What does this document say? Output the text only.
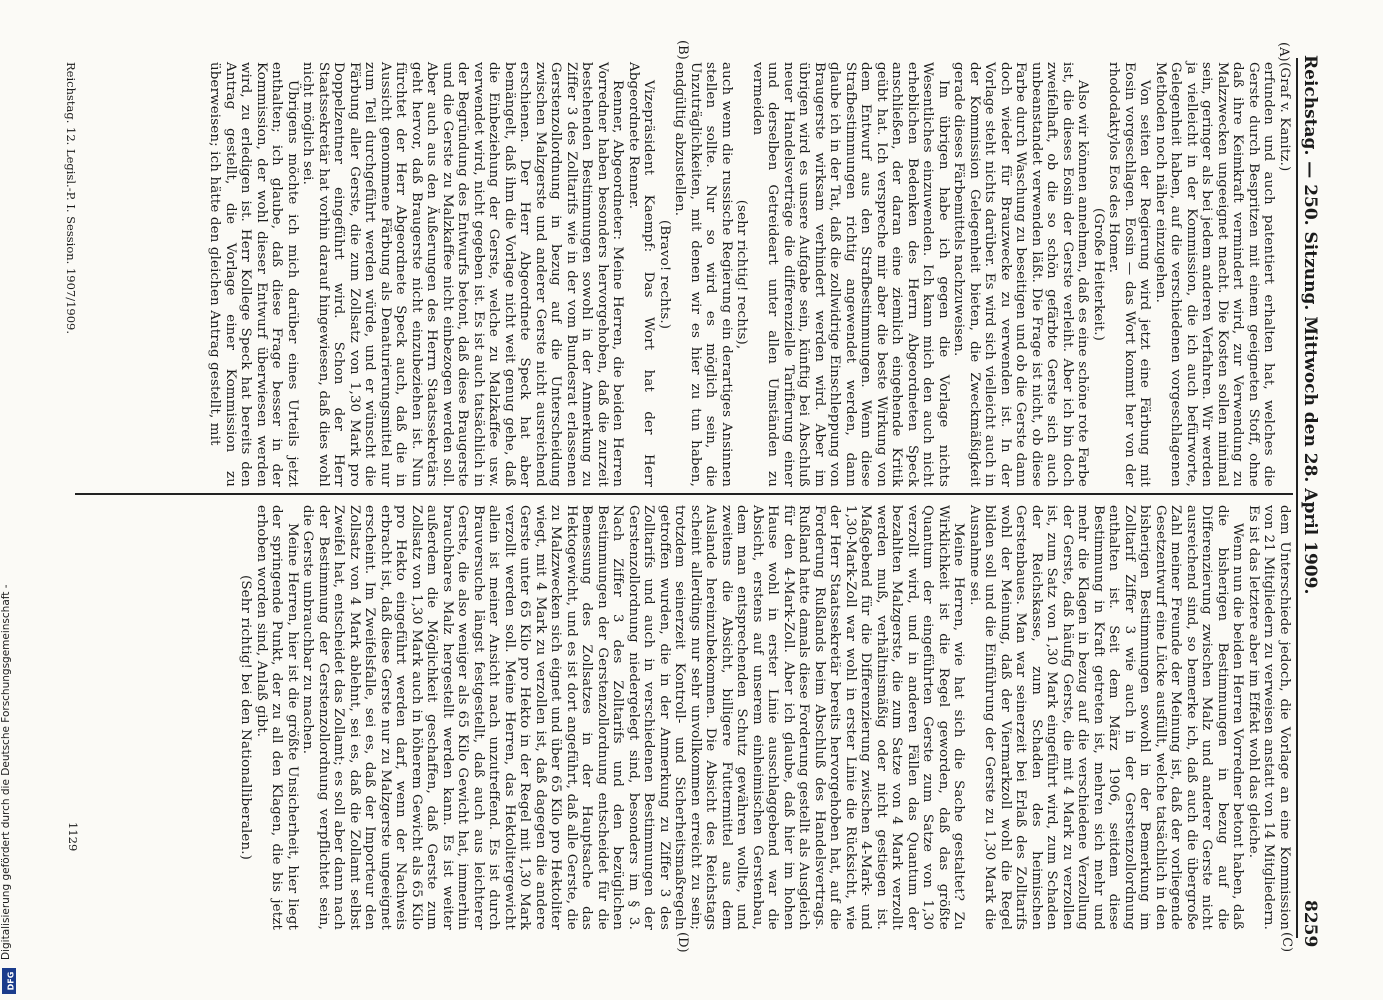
Reichstag. — 250. Sitzung. Mittwoch den 28. April 1909.
8259

(Graf v. Kanitz.)

erfunden und auch patentiert erhalten hat, welches die Gerste durch Bespritzen mit einem geeigneten Stoff, ohne daß ihre Keimkraft vermindert wird, zur Verwendung zu Malzzwecken ungeeignet macht. Die Kosten sollen minimal sein, geringer als bei jedem anderen Verfahren. Wir werden ja vielleicht in der Kommission, die ich auch befürworte, Gelegenheit haben, auf die verschiedenen vorgeschlagenen Methoden noch näher einzugehen.

Von seiten der Regierung wird jetzt eine Färbung mit Eosin vorgeschlagen. Eosin — das Wort kommt her von der rhododaktylos Eos des Homer.

(Große Heiterkeit.)

Also wir können annehmen, daß es eine schöne rote Farbe ist, die dieses Eosin der Gerste verleiht. Aber ich bin doch zweifelhaft, ob die so schön gefärbte Gerste sich auch unbeanstandet verwenden läßt. Die Frage ist nicht, ob diese Farbe durch Waschung zu beseitigen und ob die Gerste dann doch wieder für Brauzwecke zu verwenden ist. In der Vorlage steht nichts darüber. Es wird sich vielleicht auch in der Kommission Gelegenheit bieten, die Zweckmäßigkeit gerade dieses Färbemittels nachzuweisen.

Im übrigen habe ich gegen die Vorlage nichts Wesentliches einzuwenden. Ich kann mich den auch nicht erheblichen Bedenken des Herrn Abgeordneten Speck anschließen, der daran eine ziemlich eingehende Kritik geübt hat. Ich verspreche mir aber die beste Wirkung von dem Entwurf aus den Strafbestimmungen. Wenn diese Strafbestimmungen richtig angewendet werden, dann glaube ich in der Tat, daß die zollwidrige Einschleppung von Braugerste wirksam verhindert werden wird. Aber im übrigen wird es unsere Aufgabe sein, künftig bei Abschluß neuer Handelsverträge die differenzielle Tarifierung einer und derselben Getreideart unter allen Umständen zu vermeiden

(sehr richtig! rechts),

auch wenn die russische Regierung ein derartiges Ansinnen stellen sollte. Nur so wird es möglich sein, die Unzuträglichkeiten, mit denen wir es hier zu tun haben, endgültig abzustellen.

(Bravo! rechts.)

Vizepräsident Kaempf: Das Wort hat der Herr Abgeordnete Renner.

Renner, Abgeordneter: Meine Herren, die beiden Herren Vorredner haben besonders hervorgehoben, daß die zurzeit bestehenden Bestimmungen sowohl in der Anmerkung zu Ziffer 3 des Zolltarifs wie in der vom Bundesrat erlassenen Gerstenzollordnung in bezug auf die Unterscheidung zwischen Malzgerste und anderer Gerste nicht ausreichend erschienen. Der Herr Abgeordnete Speck hat aber bemängelt, daß ihm die Vorlage nicht weit genug gehe, daß die Einbeziehung der Gerste, welche zu Malzkaffee usw. verwendet wird, nicht gegeben ist. Es ist auch tatsächlich in der Begründung des Entwurfs betont, daß diese Braugerste und die Gerste zu Malzkaffee nicht einbezogen werden soll. Aber auch aus den Äußerungen des Herrn Staatssekretärs geht hervor, daß Braugerste nicht einzubeziehen ist. Nun fürchtet der Herr Abgeordnete Speck auch, daß die in Aussicht genommene Färbung als Denaturierungsmittel nur zum Teil durchgeführt werden würde, und er wünscht die Färbung aller Gerste, die zum Zollsatz von 1,30 Mark pro Doppelzentner eingeführt wird. Schon der Herr Staatssekretär hat vorhin darauf hingewiesen, daß dies wohl nicht möglich sei.

Übrigens möchte ich mich darüber eines Urteils jetzt enthalten; ich glaube, daß diese Frage besser in der Kommission, der wohl dieser Entwurf überwiesen werden wird, zu erledigen ist. Herr Kollege Speck hat bereits den Antrag gestellt, die Vorlage einer Kommission zu überweisen; ich hätte den gleichen Antrag gestellt, mit

dem Unterschiede jedoch, die Vorlage an eine Kommission von 21 Mitgliedern zu verweisen anstatt von 14 Mitgliedern. Es ist das letztere aber im Effekt wohl das gleiche.

Wenn nun die beiden Herren Vorredner betont haben, daß die bisherigen Bestimmungen in bezug auf die Differenzierung zwischen Malz und anderer Gerste nicht ausreichend sind, so bemerke ich, daß auch die übergroße Zahl meiner Freunde der Meinung ist, daß der vorliegende Gesetzentwurf eine Lücke ausfüllt, welche tatsächlich in den bisherigen Bestimmungen sowohl in der Bemerkung im Zolltarif Ziffer 3 wie auch in der Gerstenzollordnung enthalten ist. Seit dem März 1906, seitdem diese Bestimmung in Kraft getreten ist, mehren sich mehr und mehr die Klagen in bezug auf die verschiedene Verzollung der Gerste, daß häufig Gerste, die mit 4 Mark zu verzollen ist, zum Satz von 1,30 Mark eingeführt wird, zum Schaden der Reichskasse, zum Schaden des heimischen Gerstenbaues. Man war seinerzeit bei Erlaß des Zolltarifs wohl der Meinung, daß der Viermarkzoll wohl die Regel bilden soll und die Einführung der Gerste zu 1,30 Mark die Ausnahme sei.

Meine Herren, wie hat sich die Sache gestaltet? Zu Wirklichkeit ist die Regel geworden, daß das größte Quantum der eingeführten Gerste zum Satze von 1,30 verzollt wird, und in anderen Fällen das Quantum der bezahlten Malzgerste, die zum Satze von 4 Mark verzollt werden muß, verhältnismäßig oder nicht gestiegen ist. Maßgebend für die Differenzierung zwischen 4-Mark- und 1,30-Mark-Zoll war wohl in erster Linie die Rücksicht, wie der Herr Staatssekretär bereits hervorgehoben hat, auf die Forderung Rußlands beim Abschluß des Handelsvertrags. Rußland hatte damals diese Forderung gestellt als Ausgleich für den 4-Mark-Zoll. Aber ich glaube, daß hier im hohen Hause wohl in erster Linie ausschlaggebend war die Absicht, erstens auf unserem einheimischen Gerstenbau, dem man entsprechenden Schutz gewähren wollte, und zweitens die Absicht, billigere Futtermittel aus dem Auslande hereinzubekommen. Die Absicht des Reichstags scheint allerdings nur sehr unvollkommen erreicht zu sein; trotzdem seinerzeit Kontroll- und Sicherheitsmaßregeln getroffen wurden, die in der Anmerkung zu Ziffer 3 des Zolltarifs und auch in verschiedenen Bestimmungen der Gerstenzollordnung niedergelegt sind, besonders im § 3. Nach Ziffer 3 des Zolltarifs und den bezüglichen Bestimmungen der Gerstenzollordnung entscheidet für die Bemessung des Zollsatzes in der Hauptsache das Hektogewicht, und es ist dort angeführt, daß alle Gerste, die zu Malzzwecken sich eignet und über 65 Kilo pro Hektoliter wiegt, mit 4 Mark zu verzollen ist, daß dagegen die andere Gerste unter 65 Kilo pro Hekto in der Regel mit 1,30 Mark verzollt werden soll. Meine Herren, das Hektolitergewicht allein ist meiner Ansicht nach unzutreffend. Es ist durch Brauversuche längst festgestellt, daß auch aus leichterer Gerste, die also weniger als 65 Kilo Gewicht hat, immerhin brauchbares Malz hergestellt werden kann. Es ist weiter außerdem die Möglichkeit geschaffen, daß Gerste zum Zollsatz von 1,30 Mark auch in höherem Gewicht als 65 Kilo pro Hekto eingeführt werden darf, wenn der Nachweis erbracht ist, daß diese Gerste nur zu Malzgerste ungeeignet erscheint. Im Zweifelsfalle, sei es, daß der Importeur den Zollsatz von 4 Mark ablehnt, sei es, daß die Zollamt selbst Zweifel hat, entscheidet das Zollamt; es soll aber dann nach der Bestimmung der Gerstenzollordnung verpflichtet sein, die Gerste unbrauchbar zu machen.

Meine Herren, hier ist die größte Unsicherheit, hier liegt der springende Punkt, der zu all den Klagen, die bis jetzt erhoben worden sind, Anlaß gibt.

(Sehr richtig! bei den Nationalliberalen.)

(A)
(B)
(C)
(D)
Reichstag. 12. Legisl.-P. I. Session. 1907/1909.
1129
Digitalisierung gefördert durch die Deutsche Forschungsgemeinschaft -
DFG
